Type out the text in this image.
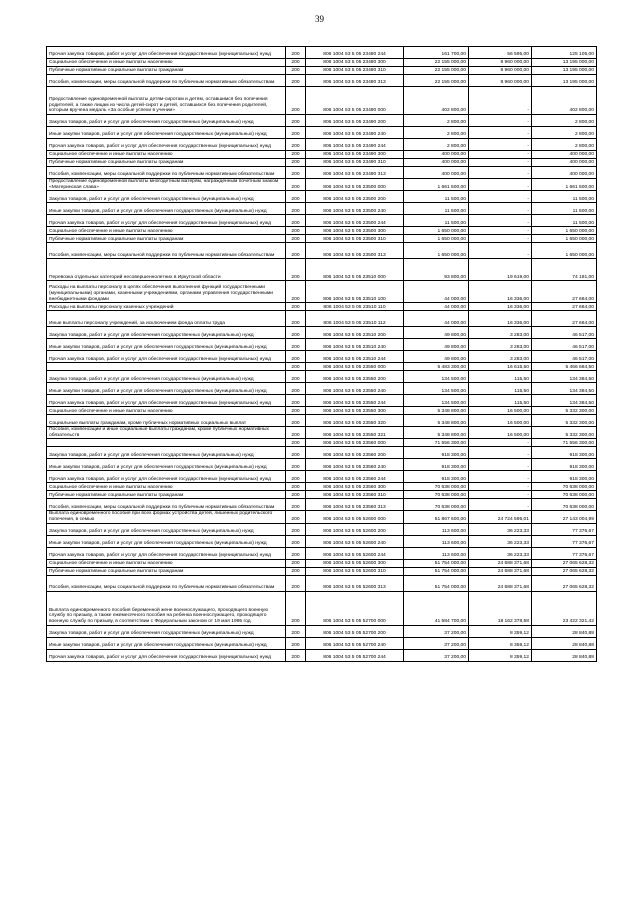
39
Прочая закупка товаров, работ и услуг для обеспечения государственных (муниципальных) нужд	200	806 1004 53 5 05 23480 244	161 700,00	56 595,00	125 105,00
Социальное обеспечение и иные выплаты населению	200	806 1004 53 5 05 23480 300	22 155 000,00	8 960 000,00	13 195 000,00
Публичные нормативные социальные выплаты гражданам	200	806 1004 53 5 05 23480 310	22 155 000,00	8 960 000,00	13 195 000,00
Пособия, компенсации, меры социальной поддержки по публичным нормативным обязательствам	200	806 1004 53 5 05 23480 313	22 155 000,00	8 960 000,00	13 195 000,00
Предоставление единовременной выплаты детям-сиротам и детям, оставшимся без попечения родителей, а также лицам из числа детей-сирот и детей, оставшихся без попечения родителей, которым вручена медаль «За особые успехи в учении»	200	806 1004 53 5 05 23490 000	402 800,00	-	402 800,00
Закупка товаров, работ и услуг для обеспечения государственных (муниципальных) нужд	200	806 1004 53 5 05 23490 200	2 800,00	-	2 800,00
Иные закупки товаров, работ и услуг для обеспечения государственных (муниципальных) нужд	200	806 1004 53 5 05 23490 240	2 800,00	-	2 800,00
Прочая закупка товаров, работ и услуг для обеспечения государственных (муниципальных) нужд	200	806 1004 53 5 05 23490 244	2 800,00	-	2 800,00
Социальное обеспечение и иные выплаты населению	200	806 1004 53 5 05 23490 300	400 000,00	-	400 000,00
Публичные нормативные социальные выплаты гражданам	200	806 1004 53 5 05 23490 310	400 000,00	-	400 000,00
Пособия, компенсации, меры социальной поддержки по публичным нормативным обязательствам	200	806 1004 53 5 05 23490 313	400 000,00	-	400 000,00
Предоставление единовременной выплаты многодетным матерям, награжденным почетным знаком «Материнская слава»	200	806 1004 53 5 05 23500 000	1 661 500,00	-	1 661 500,00
Закупка товаров, работ и услуг для обеспечения государственных (муниципальных) нужд	200	806 1004 53 5 05 23500 200	11 500,00	-	11 500,00
Иные закупки товаров, работ и услуг для обеспечения государственных (муниципальных) нужд	200	806 1004 53 5 05 23500 240	11 500,00	-	11 500,00
Прочая закупка товаров, работ и услуг для обеспечения государственных (муниципальных) нужд	200	806 1004 53 5 05 23500 244	11 500,00	-	11 500,00
Социальное обеспечение и иные выплаты населению	200	806 1004 53 5 05 23500 300	1 650 000,00	-	1 650 000,00
Публичные нормативные социальные выплаты гражданам	200	806 1004 53 5 05 23500 310	1 650 000,00	-	1 650 000,00
Пособия, компенсации, меры социальной поддержки по публичным нормативным обязательствам	200	806 1004 53 5 05 23500 313	1 650 000,00	-	1 650 000,00
Перевозка отдельных категорий несовершеннолетних в Иркутской области	200	806 1004 53 5 05 23510 000	93 800,00	19 619,00	74 181,00
Расходы на выплаты персоналу в целях обеспечения выполнения функций государственными (муниципальными) органами, казенными учреждениями, органами управления государственными внебюджетными фондами	200	806 1004 53 5 05 23510 100	44 000,00	16 336,00	27 664,00
Расходы на выплаты персоналу казенных учреждений	200	806 1004 53 5 05 23510 110	44 000,00	16 336,00	27 664,00
Иные выплаты персоналу учреждений, за исключением фонда оплаты труда	200	806 1004 53 5 05 23510 112	44 000,00	16 336,00	27 664,00
Закупка товаров, работ и услуг для обеспечения государственных (муниципальных) нужд	200	806 1004 53 5 05 23510 200	49 800,00	3 283,00	46 517,00
Иные закупки товаров, работ и услуг для обеспечения государственных (муниципальных) нужд	200	806 1004 53 5 05 23510 240	49 800,00	3 283,00	46 517,00
Прочая закупка товаров, работ и услуг для обеспечения государственных (муниципальных) нужд	200	806 1004 53 5 05 23510 244	49 800,00	3 283,00	46 517,00
	200	806 1004 53 5 05 23550 000	5 483 300,00	16 615,50	5 466 684,50
Закупка товаров, работ и услуг для обеспечения государственных (муниципальных) нужд	200	806 1004 53 5 05 23550 200	134 500,00	115,50	134 384,50
Иные закупки товаров, работ и услуг для обеспечения государственных (муниципальных) нужд	200	806 1004 53 5 05 23550 240	134 500,00	115,50	134 384,50
Прочая закупка товаров, работ и услуг для обеспечения государственных (муниципальных) нужд	200	806 1004 53 5 05 23550 244	134 500,00	115,50	134 384,50
Социальное обеспечение и иные выплаты населению	200	806 1004 53 5 05 23550 300	5 348 800,00	16 500,00	5 332 300,00
Социальные выплаты гражданам, кроме публичных нормативных социальных выплат	200	806 1004 53 5 05 23550 320	5 348 800,00	16 500,00	5 332 300,00
Пособия, компенсации и иные социальные выплаты гражданам, кроме публичных нормативных обязательств	200	806 1004 53 5 05 23550 321	5 348 800,00	16 500,00	5 332 300,00
	200	806 1004 53 5 05 23560 000	71 556 300,00	-	71 556 300,00
Закупка товаров, работ и услуг для обеспечения государственных (муниципальных) нужд	200	806 1004 53 5 05 23560 200	918 300,00	-	918 300,00
Иные закупки товаров, работ и услуг для обеспечения государственных (муниципальных) нужд	200	806 1004 53 5 05 23560 240	918 300,00	-	918 300,00
Прочая закупка товаров, работ и услуг для обеспечения государственных (муниципальных) нужд	200	806 1004 53 5 05 23560 244	918 300,00	-	918 300,00
Социальное обеспечение и иные выплаты населению	200	806 1004 53 5 05 23560 300	70 638 000,00	-	70 638 000,00
Публичные нормативные социальные выплаты гражданам	200	806 1004 53 5 05 23560 310	70 638 000,00	-	70 638 000,00
Пособия, компенсации, меры социальной поддержки по публичным нормативным обязательствам	200	806 1004 53 5 05 23560 313	70 638 000,00	-	70 638 000,00
Выплата единовременного пособия при всех формах устройства детей, лишенных родительского попечения, в семью	200	806 1004 53 5 05 52600 000	51 867 600,00	24 724 595,01	27 143 004,99
Закупка товаров, работ и услуг для обеспечения государственных (муниципальных) нужд	200	806 1004 53 5 05 52600 200	113 600,00	36 223,33	77 376,67
Иные закупки товаров, работ и услуг для обеспечения государственных (муниципальных) нужд	200	806 1004 53 5 05 52600 240	113 600,00	36 223,33	77 376,67
Прочая закупка товаров, работ и услуг для обеспечения государственных (муниципальных) нужд	200	806 1004 53 5 05 52600 244	113 600,00	36 223,33	77 376,67
Социальное обеспечение и иные выплаты населению	200	806 1004 53 5 05 52600 300	51 754 000,00	24 688 371,68	27 065 628,32
Публичные нормативные социальные выплаты гражданам	200	806 1004 53 5 05 52600 310	51 754 000,00	24 688 371,68	27 065 628,32
Пособия, компенсации, меры социальной поддержки по публичным нормативным обязательствам	200	806 1004 53 5 05 52600 313	51 754 000,00	24 688 371,68	27 065 628,32
Выплата единовременного пособия беременной жене военнослужащего, проходящего военную службу по призыву, а также ежемесячного пособия на ребенка военнослужащего, проходящего военную службу по призыву, в соответствии с Федеральным законом от 19 мая 1995 год	200	806 1004 53 5 05 52700 000	41 584 700,00	18 162 378,58	23 422 321,42
Закупка товаров, работ и услуг для обеспечения государственных (муниципальных) нужд	200	806 1004 53 5 05 52700 200	37 200,00	8 359,12	28 840,88
Иные закупки товаров, работ и услуг для обеспечения государственных (муниципальных) нужд	200	806 1004 53 5 05 52700 240	37 200,00	8 359,12	28 840,88
Прочая закупка товаров, работ и услуг для обеспечения государственных (муниципальных) нужд	200	806 1004 53 5 05 52700 244	37 200,00	8 359,12	28 840,88
